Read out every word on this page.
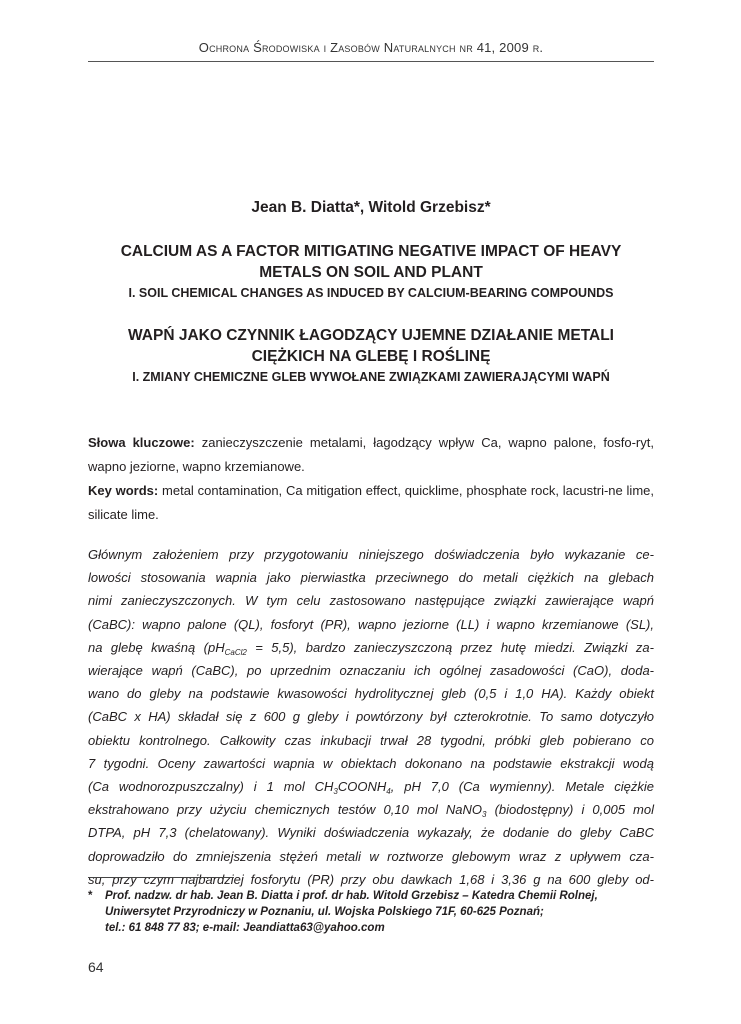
Ochrona Środowiska i Zasobów Naturalnych nr 41, 2009 r.
Jean B. Diatta*, Witold Grzebisz*

CALCIUM AS A FACTOR MITIGATING NEGATIVE IMPACT OF HEAVY
METALS ON SOIL AND PLANT

I. SOIL CHEMICAL CHANGES AS INDUCED BY CALCIUM-BEARING COMPOUNDS

WAPŃ JAKO CZYNNIK ŁAGODZĄCY UJEMNE DZIAŁANIE METALI
CIĘŻKICH NA GLEBĘ I ROŚLINĘ

I. ZMIANY CHEMICZNE GLEB WYWOŁANE ZWIĄZKAMI ZAWIERAJĄCYMI WAPŃ

Słowa kluczowe: zanieczyszczenie metalami, łagodzący wpływ Ca, wapno palone, fosfo-ryt, wapno jeziorne, wapno krzemianowe.

Key words: metal contamination, Ca mitigation effect, quicklime, phosphate rock, lacustri-ne lime, silicate lime.

Głównym założeniem przy przygotowaniu niniejszego doświadczenia było wykazanie ce-
lowości stosowania wapnia jako pierwiastka przeciwnego do metali ciężkich na glebach
nimi zanieczyszczonych. W tym celu zastosowano następujące związki zawierające wapń
(CaBC): wapno palone (QL), fosforyt (PR), wapno jeziorne (LL) i wapno krzemianowe (SL),
na glebę kwaśną $(pH_{CaCl2} = 5,5)$, bardzo zanieczyszczoną przez hutę miedzi. Związki za-
wierające wapń (CaBC), po uprzednim oznaczaniu ich ogólnej zasadowości (CaO), doda-
wano do gleby na podstawie kwasowości hydrolitycznej gleb (0,5 i 1,0 HA). Każdy obiekt
(CaBC x HA) składał się z 600 g gleby i powtórzony był czterokrotnie. To samo dotyczyło
obiektu kontrolnego. Całkowity czas inkubacji trwał 28 tygodni, próbki gleb pobierano co
7 tygodni. Oceny zawartości wapnia w obiektach dokonano na podstawie ekstrakcji wodą
(Ca wodnorozpuszczalny) i 1 mol $CH_3COONH_4$, pH 7,0 (Ca wymienny). Metale ciężkie
ekstrahowano przy użyciu chemicznych testów 0,10 mol NaNO$_3$ (biodostępny) i 0,005 mol
DTPA, pH 7,3 (chelatowany). Wyniki doświadczenia wykazały, że dodanie do gleby CaBC
doprowadziło do zmniejszenia stężeń metali w roztworze glebowym wraz z upływem cza-
su, przy czym najbardziej fosforytu (PR) przy obu dawkach 1,68 i 3,36 g na 600 gleby od-
* Prof. nadzw. dr hab. Jean B. Diatta i prof. dr hab. Witold Grzebisz – Katedra Chemii Rolnej,
Uniwersytet Przyrodniczy w Poznaniu, ul. Wojska Polskiego 71F, 60-625 Poznań;
tel.: 61 848 77 83; e-mail: Jeandiatta63@yahoo.com
64
